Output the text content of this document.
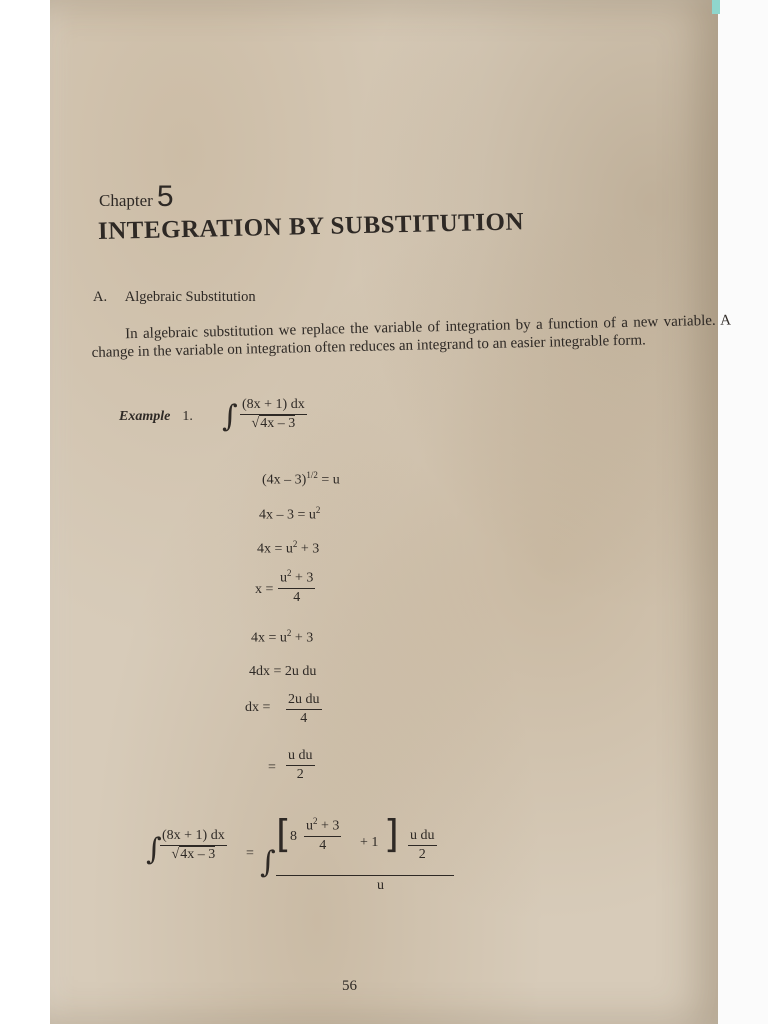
Chapter 5
INTEGRATION BY SUBSTITUTION
A. Algebraic Substitution
In algebraic substitution we replace the variable of integration by a function of a new variable. A change in the variable on integration often reduces an integrand to an easier integrable form.
Example 1. ∫ (8x + 1) dx
√4x – 3
(4x – 3)$^{1/2}$ = u
$4x - 3 = u^2$
$4x = u^2 + 3$
x =
$u^2 + 3$
4
$4x = u^2 + 3$
4dx = 2u du
dx =
2u du
4
=
u du
2
∫ (8x + 1) dx
√4x – 3	= ∫
[ 8
$u^2 + 3$
4	+ 1 ] u du
2
u
56
